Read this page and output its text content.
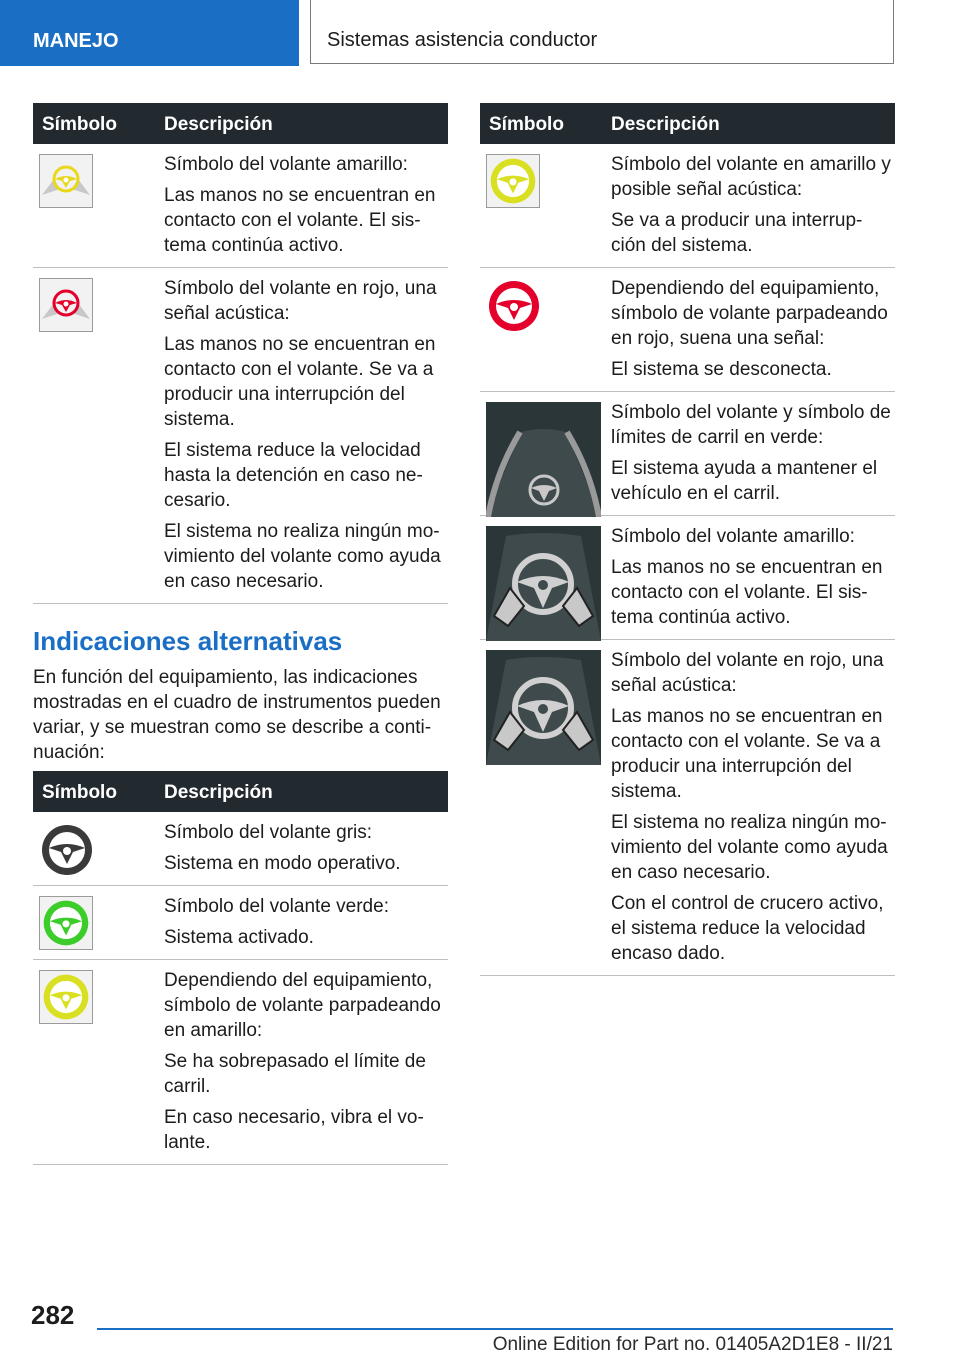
MANEJO	Sistemas asistencia conductor
Símbolo Descripción

Símbolo del volante amarillo:

Las manos no se encuentran en contacto con el volante. El sis- tema continúa activo.

Símbolo del volante en rojo, una señal acústica:

Las manos no se encuentran en contacto con el volante. Se va a producir una interrupción del sistema.

El sistema reduce la velocidad hasta la detención en caso ne- cesario.

El sistema no realiza ningún mo- vimiento del volante como ayuda en caso necesario.

Indicaciones alternativas
En función del equipamiento, las indicaciones mostradas en el cuadro de instrumentos pueden variar, y se muestran como se describe a conti- nuación:
Símbolo Descripción

Símbolo del volante gris:

Sistema en modo operativo.

Símbolo del volante verde:

Sistema activado.

Dependiendo del equipamiento, símbolo de volante parpadeando en amarillo:

Se ha sobrepasado el límite de carril.

En caso necesario, vibra el vo- lante.

Símbolo Descripción

Símbolo del volante en amarillo y posible señal acústica:

Se va a producir una interrup- ción del sistema.

Dependiendo del equipamiento, símbolo de volante parpadeando en rojo, suena una señal:

El sistema se desconecta.

Símbolo del volante y símbolo de límites de carril en verde:

El sistema ayuda a mantener el vehículo en el carril.

Símbolo del volante amarillo:

Las manos no se encuentran en contacto con el volante. El sis- tema continúa activo.

Símbolo del volante en rojo, una señal acústica:

Las manos no se encuentran en contacto con el volante. Se va a producir una interrupción del sistema.

El sistema no realiza ningún mo- vimiento del volante como ayuda en caso necesario.

Con el control de crucero activo, el sistema reduce la velocidad encaso dado.

282
Online Edition for Part no. 01405A2D1E8 - II/21
